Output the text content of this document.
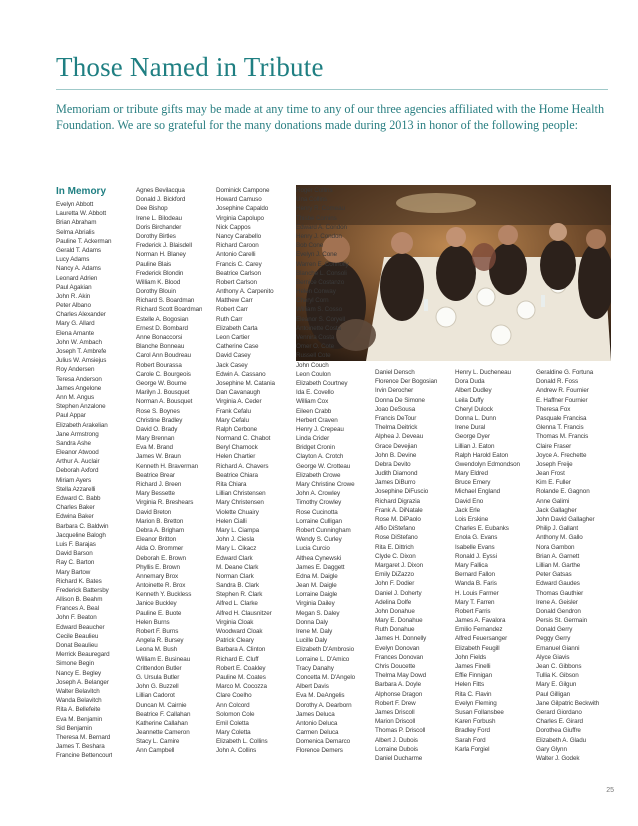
Those Named in Tribute

Memoriam or tribute gifts may be made at any time to any of our three agencies affiliated with the Home Health Foundation. We are so grateful for the many donations made during 2013 in honor of the following people:

In Memory
Evelyn Abbott
Lauretta W. Abbott
Brian Abraham
Selma Abrialis
Pauline T. Ackerman
Gerald T. Adams
Lucy Adams
Nancy A. Adams
Leonard Adrien
Paul Agakian
John R. Akin
Peter Albano
Charles Alexander
Mary G. Allard
Elena Amante
John W. Ambach
Joseph T. Ambrefe
Julius W. Amsiejus
Roy Andersen
Teresa Anderson
James Angelone
Ann M. Angus
Stephen Anzalone
Paul Appar
Elizabeth Arakelian
Jane Armstrong
Sandra Ashe
Eleanor Atwood
Arthur A. Auclair
Deborah Axford
Miriam Ayers
Stella Azzarelli
Edward C. Babb
Charles Baker
Edwina Baker
Barbara C. Baldwin
Jacqueline Balogh
Luis F. Barajas
David Barson
Ray C. Barton
Mary Bartow
Richard K. Bates
Frederick Battersby
Allison B. Beahm
Frances A. Beal
John F. Beaton
Edward Beaucher
Cecile Beaulieu
Donat Beaulieu
Merrick Beauregard
Simone Begin
Nancy E. Begley
Joseph A. Belanger
Walter Belavitch
Wanda Belavitch
Rita A. Bellefeite
Eva M. Benjamin
Sid Benjamin
Theresa M. Bernard
James T. Beshara
Francine Bettencourt
Agnes Bevilacqua
Donald J. Bickford
Dee Bishop
Irene L. Bilodeau
Doris Birchander
Dorothy Birtles
Frederick J. Blaisdell
Norman H. Blaney
Pauline Blais
Frederick Blondin
William K. Blood
Dorothy Blouin
Richard S. Boardman
Richard Scott Boardman
Estelle A. Bogosian
Ernest D. Bombard
Anne Bonaccorsi
Blanche Bonneau
Carol Ann Boudreau
Robert Bourassa
Carole C. Bourgeois
George W. Bourne
Marilyn J. Bousquet
Norman A. Bousquet
Rose S. Boynes
Christine Bradley
David O. Brady
Mary Brennan
Eva M. Brand
James W. Braun
Kenneth H. Braverman
Beatrice Brear
Richard J. Breen
Mary Bessette
Virginia R. Breshears
David Breton
Marion B. Bretton
Debra A. Brigham
Eleanor Britton
Alda O. Brommer
Deborah E. Brown
Phyllis E. Brown
Annemary Brox
Antoinette R. Brox
Kenneth Y. Buckless
Janice Buckley
Pauline E. Buote
Helen Burns
Robert F. Burns
Angela R. Bursey
Leona M. Bush
William E. Busineau
Crittendon Butler
G. Ursula Butler
John G. Buzzell
Lillian Cadorot
Duncan M. Cairnie
Beatrice F. Callahan
Katherine Callahan
Jeannette Cameron
Stacy L. Camire
Ann Campbell
Dominick Campone
Howard Camuso
Josephine Capaldo
Virginia Capolupo
Nick Cappos
Nancy Carabello
Richard Caroon
Antonio Carelli
Francis C. Carey
Beatrice Carlson
Robert Carlson
Anthony A. Carpenito
Matthew Carr
Robert Carr
Ruth Carr
Elizabeth Carta
Leon Cartier
Catherine Case
David Casey
Jack Casey
Edwin A. Cassano
Josephine M. Catania
Dan Cavanaugh
Virginia A. Ceder
Frank Cefalu
Mary Cefalu
Ralph Cerbone
Normand C. Chabot
Beryl Charnock
Helen Chartier
Richard A. Chavers
Beatrice Chiara
Rita Chiara
Lillian Christensen
Mary Christensen
Violette Chuairy
Helen Cialli
Mary L. Ciampa
John J. Ciesla
Mary L. Cikacz
Edward Clark
M. Deane Clark
Norman Clark
Sandra B. Clark
Stephen R. Clark
Alfred L. Clarke
Alfred H. Clausnitzer
Virginia Cloak
Woodward Cloak
Patrick Cleary
Barbara A. Clinton
Richard E. Cluff
Robert E. Coakley
Pauline M. Coates
Marco M. Cocozza
Clare Coelho
Ann Colcord
Solomon Cole
Emil Coletta
Mary Coletta
Elizabeth L. Collins
John A. Collins
Roger Collins
Una Collins
Henry R. Comeau
Thisbe Comins
Edward A. Condon
Henry J. Condon
Bob Cone
Evelyn J. Cone
Warren E. Connolly
Blanche L. Consoli
Bernice Costanzo
Helen Conway
Cheryl Corn
William S. Cosso
Eleanor S. Coryell
Antoinette Costa
Vennira Costa
Omer O. Cote
Russell Cote
John Couch
Leon Coulon
Elizabeth Courtney
Ida E. Covello
William Cox
Eileen Crabb
Herbert Craven
Henry J. Crepeau
Linda Crider
Bridget Cronin
Clayton A. Crotch
George W. Crotteau
Elizabeth Crowe
Mary Christine Crowe
John A. Crowley
Timothy Crowley
Rose Cucinotta
Lorraine Culligan
Robert Cunningham
Wendy S. Curley
Lucia Curcio
Althea Cynewski
James E. Daggett
Edna M. Daigle
Jean M. Daigle
Lorraine Daigle
Virginia Dailey
Megan S. Daley
Donna Daly
Irene M. Daly
Lucille Daly
Elizabeth D'Ambrosio
Lorraine L. D'Amico
Tracy Danahy
Concetta M. D'Angelo
Albert Davis
Eva M. DeAngelis
Dorothy A. Dearborn
James Deluca
Antonio Deluca
Carmen Deluca
Domenica Demarco
Florence Demers
Daniel Densch
Florence Der Bogosian
Irvin Derocher
Donna De Simone
Joao DeSousa
Francis DeTour
Thelma Deitrick
Alphea J. Deveau
Grace Devejian
John B. Devine
Debra Devito
Judith Diamond
James DiBurro
Josephine DiFuscio
Richard Digrazia
Frank A. DiNatale
Rose M. DiPaolo
Alfio DiStefano
Rose DiStefano
Rita E. Dittrich
Clyde C. Dixon
Margaret J. Dixon
Emily DiZazzo
John F. Dodier
Daniel J. Doherty
Adelina Dolfe
John Donahue
Mary E. Donahue
Ruth Donahue
James H. Donnelly
Evelyn Donovan
Frances Donovan
Chris Doucette
Thelma May Dowd
Barbara A. Doyle
Alphonse Dragon
Robert F. Drew
James Driscoll
Marion Driscoll
Thomas P. Driscoll
Albert J. Dubois
Lorraine Dubois
Daniel Ducharme
Henry L. Ducheneau
Dora Duda
Albert Dudley
Leila Duffy
Cheryl Dulock
Donna L. Dunn
Irene Dural
George Dyer
Lillian J. Eaton
Ralph Harold Eaton
Gwendolyn Edmondson
Mary Eldred
Bruce Emery
Michael England
David Eno
Jack Erle
Lois Erskine
Charles E. Eubanks
Enola G. Evans
Isabelle Evans
Ronald J. Eyssi
Mary Fallica
Bernard Fallon
Wanda B. Faris
H. Louis Farmer
Mary T. Farren
Robert Farris
James A. Favalora
Emilio Fernandez
Alfred Feuersanger
Elizabeth Feugill
John Fields
James Finelli
Effie Finnigan
Helen Fitts
Rita C. Flavin
Evelyn Fleming
Susan Follansbee
Karen Forbush
Bradley Ford
Sarah Ford
Karla Forgiel
Geraldine G. Fortuna
Donald R. Foss
Andrew R. Fournier
E. Haffner Fournier
Theresa Fox
Pasquale Francisa
Glenna T. Francis
Thomas M. Francis
Claire Fraser
Joyce A. Frechette
Joseph Freije
Jean Frost
Kim E. Fuller
Rolande E. Gagnon
Anne Galimi
Jack Gallagher
John David Gallagher
Philip J. Gallant
Anthony M. Gallo
Nora Gambon
Brian A. Garnett
Lillian M. Garthe
Peter Gatsas
Edward Gaudes
Thomas Gauthier
Irene A. Geisler
Donald Gendron
Persis St. Germain
Donald Gerry
Peggy Gerry
Emanuel Gianni
Alyce Giavis
Jean C. Gibbons
Tullia K. Gibson
Mary E. Gilgun
Paul Gilligan
Jane Gilpatric Beckwith
Gerard Giordano
Charles E. Girard
Dorothea Giuffre
Elizabeth A. Gladu
Gary Glynn
Walter J. Godek
25
